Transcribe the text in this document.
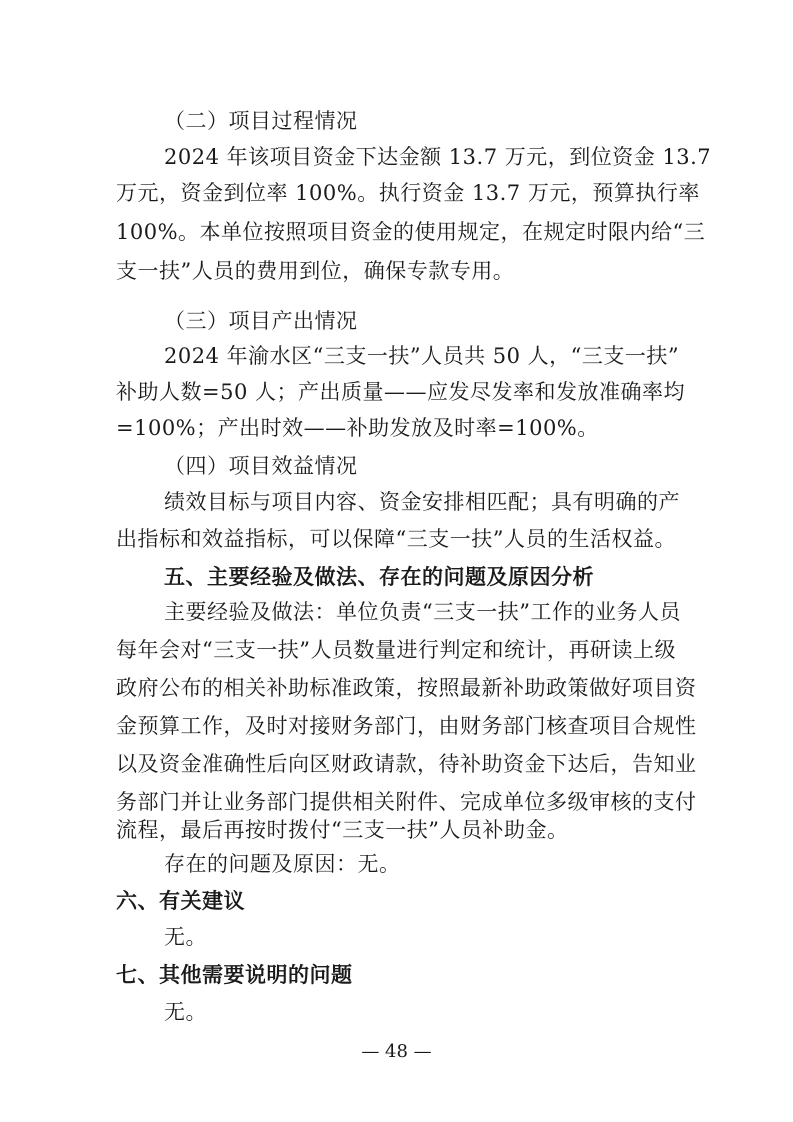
（二）项目过程情况
2024 年该项目资金下达金额 13.7 万元，到位资金 13.7
万元，资金到位率 100%。执行资金 13.7 万元，预算执行率
100%。本单位按照项目资金的使用规定，在规定时限内给“三
支一扶”人员的费用到位，确保专款专用。
（三）项目产出情况
2024 年渝水区“三支一扶”人员共 50 人，“三支一扶”
补助人数=50 人；产出质量——应发尽发率和发放准确率均
=100%；产出时效——补助发放及时率=100%。
（四）项目效益情况
绩效目标与项目内容、资金安排相匹配；具有明确的产
出指标和效益指标，可以保障“三支一扶”人员的生活权益。
五、主要经验及做法、存在的问题及原因分析
主要经验及做法：单位负责“三支一扶”工作的业务人员
每年会对“三支一扶”人员数量进行判定和统计，再研读上级
政府公布的相关补助标准政策，按照最新补助政策做好项目资
金预算工作，及时对接财务部门，由财务部门核查项目合规性
以及资金准确性后向区财政请款，待补助资金下达后，告知业
务部门并让业务部门提供相关附件、完成单位多级审核的支付
流程，最后再按时拨付“三支一扶”人员补助金。
存在的问题及原因：无。
六、有关建议
无。
七、其他需要说明的问题
无。
— 48 —
